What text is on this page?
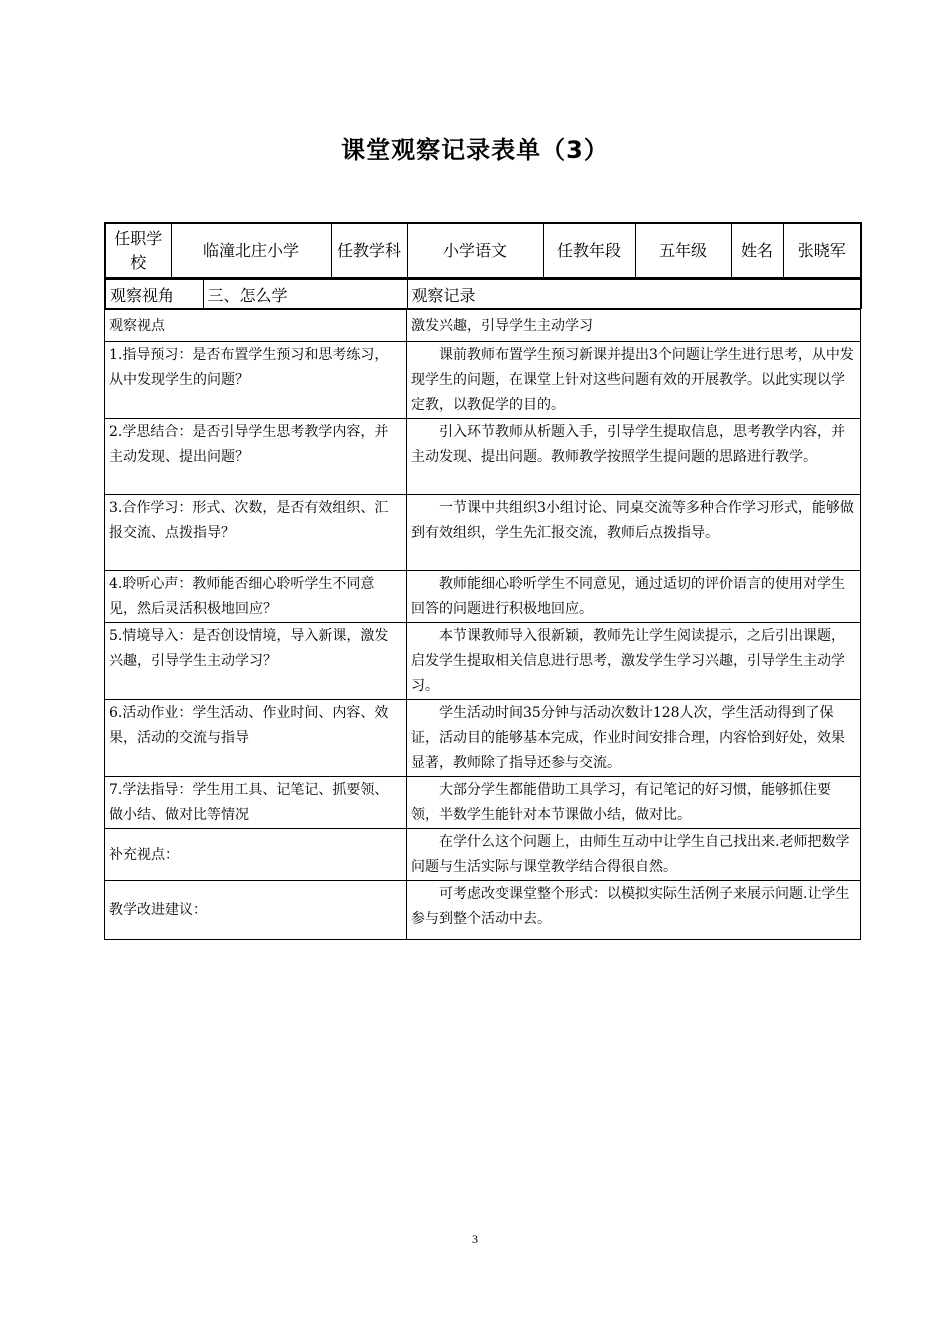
课堂观察记录表单（3）
任职学校	临潼北庄小学	任教学科	小学语文	任教年段	五年级	姓名	张晓军
观察视角	三、怎么学	观察记录
观察视点	激发兴趣，引导学生主动学习
1.指导预习：是否布置学生预习和思考练习，从中发现学生的问题？	课前教师布置学生预习新课并提出3个问题让学生进行思考，从中发现学生的问题，在课堂上针对这些问题有效的开展教学。以此实现以学定教，以教促学的目的。
2.学思结合：是否引导学生思考教学内容，并主动发现、提出问题？	引入环节教师从析题入手，引导学生提取信息，思考教学内容，并主动发现、提出问题。教师教学按照学生提问题的思路进行教学。
3.合作学习：形式、次数，是否有效组织、汇报交流、点拨指导？	一节课中共组织3小组讨论、同桌交流等多种合作学习形式，能够做到有效组织，学生先汇报交流，教师后点拨指导。
4.聆听心声：教师能否细心聆听学生不同意见，然后灵活积极地回应？	教师能细心聆听学生不同意见，通过适切的评价语言的使用对学生回答的问题进行积极地回应。
5.情境导入：是否创设情境，导入新课，激发兴趣，引导学生主动学习？	本节课教师导入很新颖，教师先让学生阅读提示，之后引出课题，启发学生提取相关信息进行思考，激发学生学习兴趣，引导学生主动学习。
6.活动作业：学生活动、作业时间、内容、效果，活动的交流与指导	学生活动时间35分钟与活动次数计128人次，学生活动得到了保证，活动目的能够基本完成，作业时间安排合理，内容恰到好处，效果显著，教师除了指导还参与交流。
7.学法指导：学生用工具、记笔记、抓要领、做小结、做对比等情况	大部分学生都能借助工具学习，有记笔记的好习惯，能够抓住要领，半数学生能针对本节课做小结，做对比。
补充视点：	在学什么这个问题上，由师生互动中让学生自己找出来.老师把数学问题与生活实际与课堂教学结合得很自然。
教学改进建议：	可考虑改变课堂整个形式：以模拟实际生活例子来展示问题.让学生参与到整个活动中去。
3
